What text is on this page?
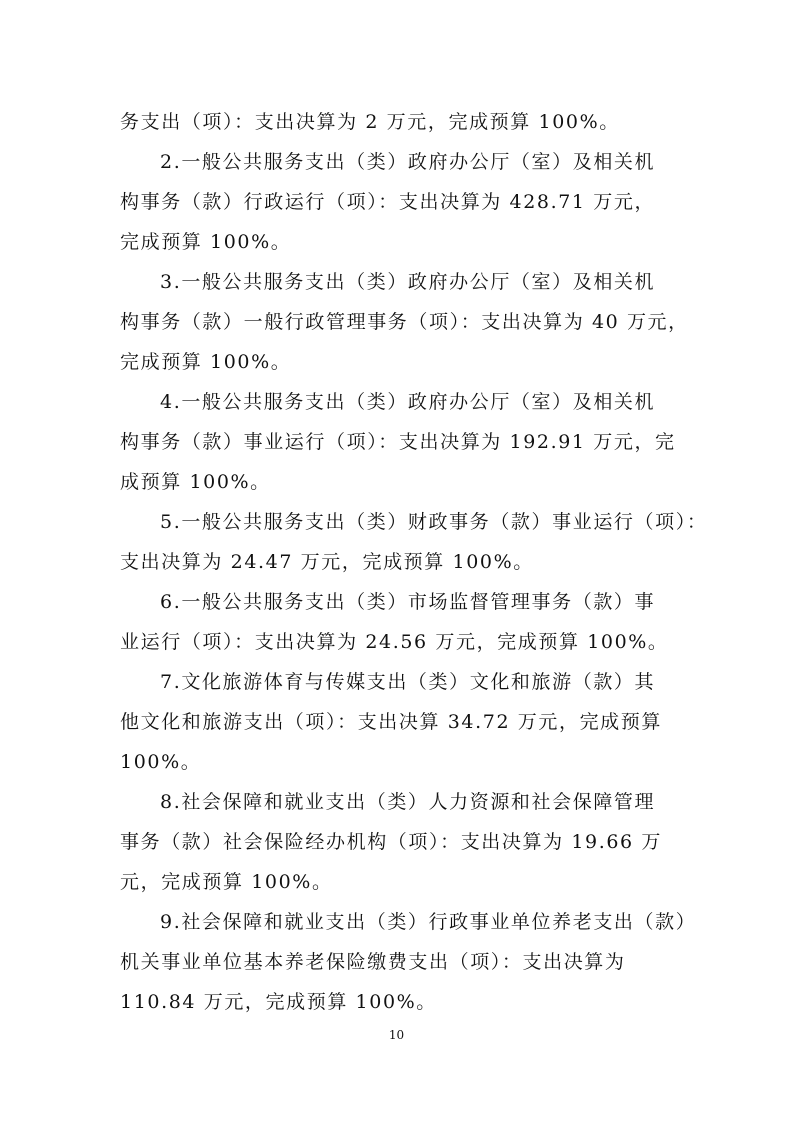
务支出（项）：支出决算为 2 万元，完成预算 100%。
2.一般公共服务支出（类）政府办公厅（室）及相关机
构事务（款）行政运行（项）：支出决算为 428.71 万元，
完成预算 100%。
3.一般公共服务支出（类）政府办公厅（室）及相关机
构事务（款）一般行政管理事务（项）：支出决算为 40 万元，
完成预算 100%。
4.一般公共服务支出（类）政府办公厅（室）及相关机
构事务（款）事业运行（项）：支出决算为 192.91 万元，完
成预算 100%。
5.一般公共服务支出（类）财政事务（款）事业运行（项）：
支出决算为 24.47 万元，完成预算 100%。
6.一般公共服务支出（类）市场监督管理事务（款）事
业运行（项）：支出决算为 24.56 万元，完成预算 100%。
7.文化旅游体育与传媒支出（类）文化和旅游（款）其
他文化和旅游支出（项）：支出决算 34.72 万元，完成预算
100%。
8.社会保障和就业支出（类）人力资源和社会保障管理
事务（款）社会保险经办机构（项）：支出决算为 19.66 万
元，完成预算 100%。
9.社会保障和就业支出（类）行政事业单位养老支出（款）
机关事业单位基本养老保险缴费支出（项）：支出决算为
110.84 万元，完成预算 100%。
10
